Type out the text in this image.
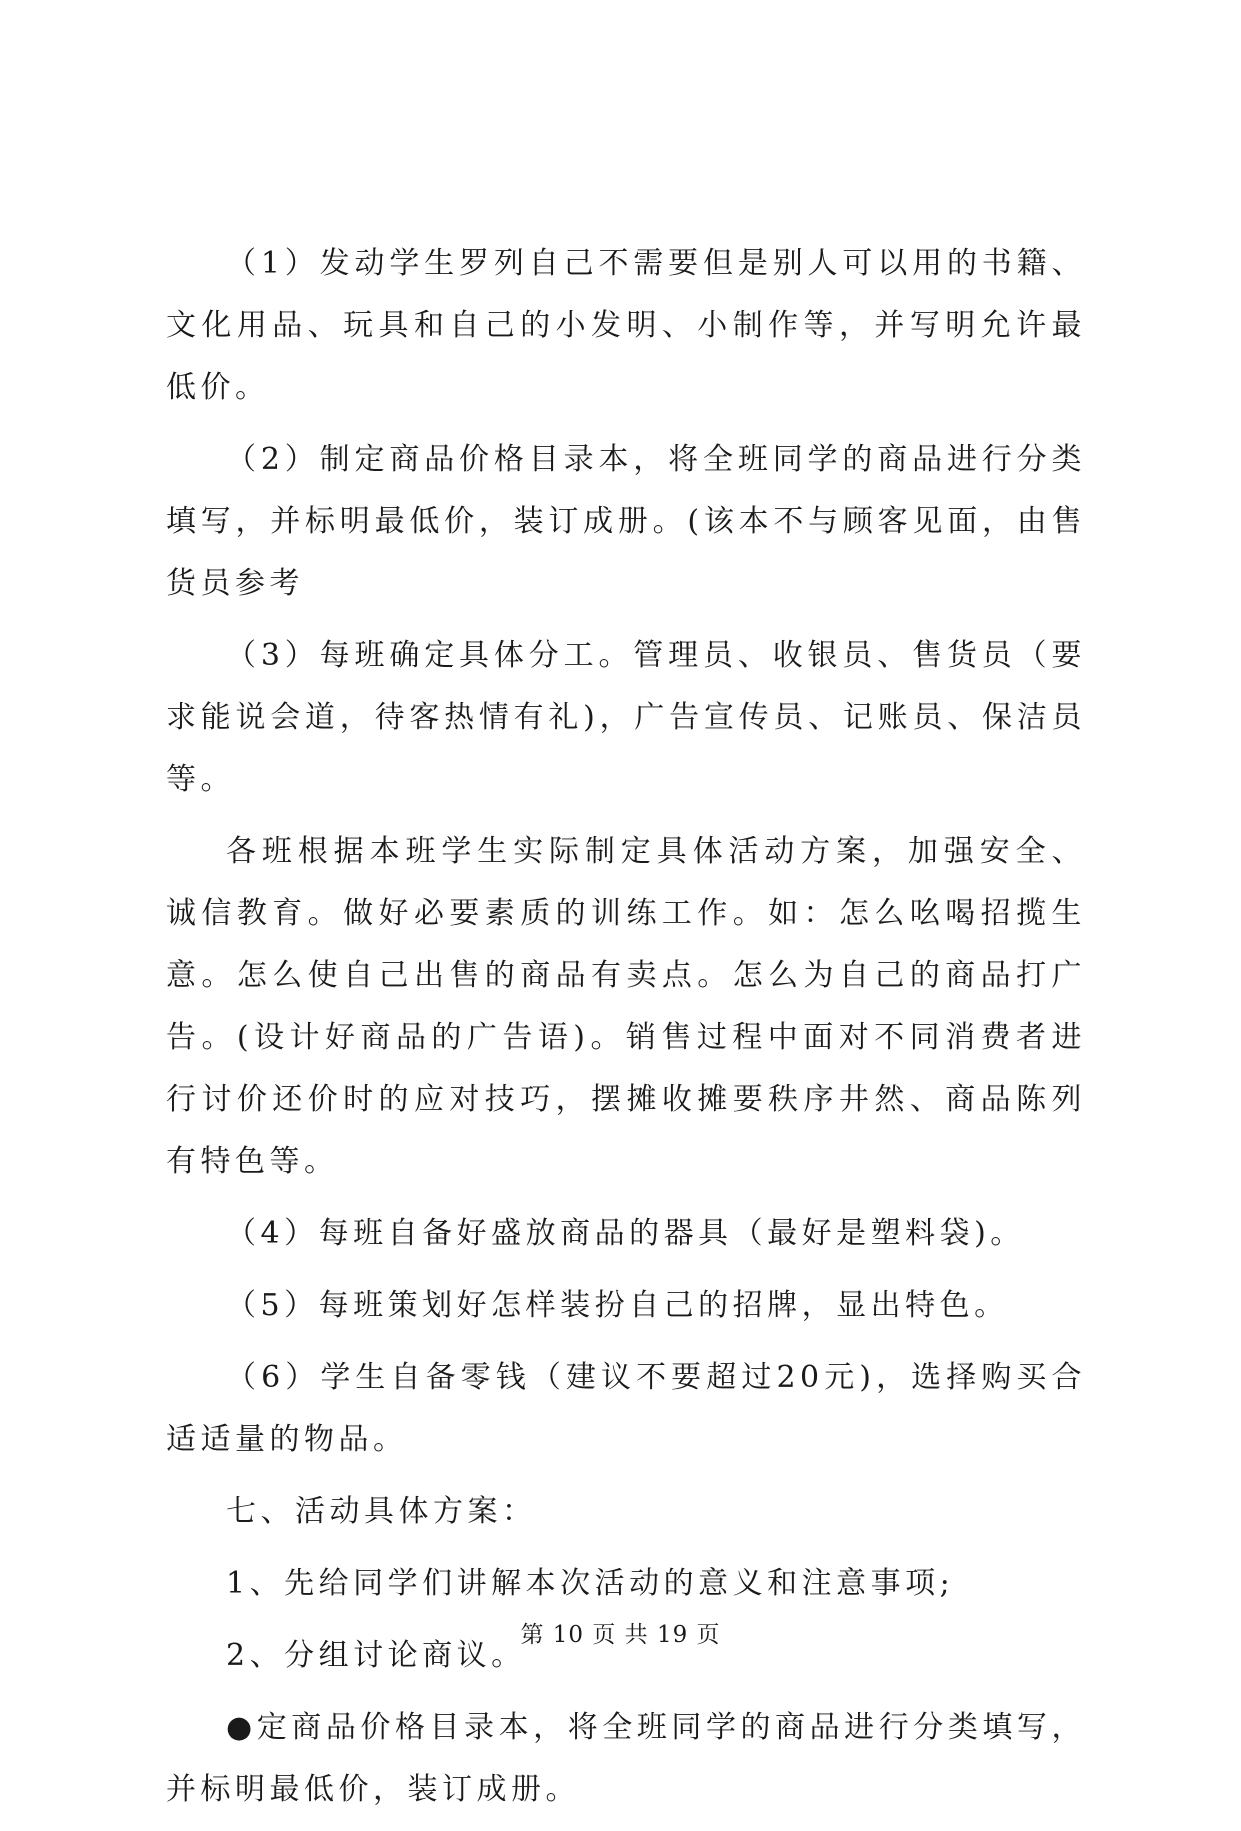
（1）发动学生罗列自己不需要但是别人可以用的书籍、文化用品、玩具和自己的小发明、小制作等，并写明允许最低价。

（2）制定商品价格目录本，将全班同学的商品进行分类填写，并标明最低价，装订成册。(该本不与顾客见面，由售货员参考

（3）每班确定具体分工。管理员、收银员、售货员（要求能说会道，待客热情有礼)，广告宣传员、记账员、保洁员等。

各班根据本班学生实际制定具体活动方案，加强安全、诚信教育。做好必要素质的训练工作。如：怎么吆喝招揽生意。怎么使自己出售的商品有卖点。怎么为自己的商品打广告。(设计好商品的广告语)。销售过程中面对不同消费者进行讨价还价时的应对技巧，摆摊收摊要秩序井然、商品陈列有特色等。

（4）每班自备好盛放商品的器具（最好是塑料袋)。

（5）每班策划好怎样装扮自己的招牌，显出特色。

（6）学生自备零钱（建议不要超过20元)，选择购买合适适量的物品。

七、活动具体方案：

1、先给同学们讲解本次活动的意义和注意事项;

2、分组讨论商议。

●定商品价格目录本，将全班同学的商品进行分类填写，并标明最低价，装订成册。

第 10 页 共 19 页
